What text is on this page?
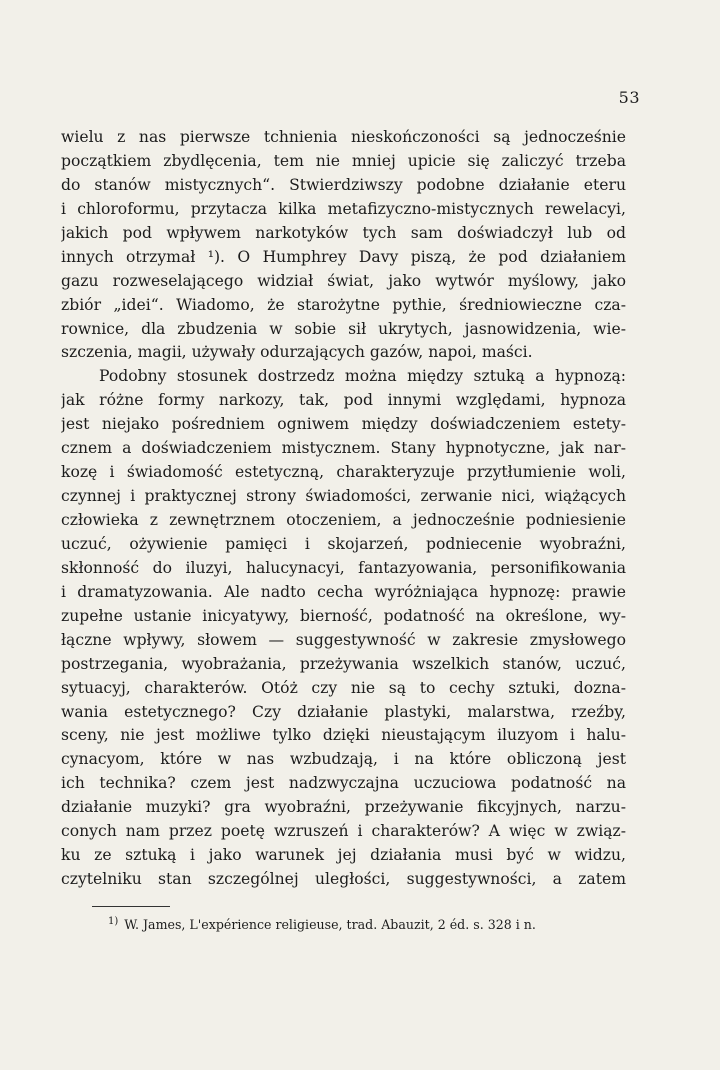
53
wielu z nas pierwsze tchnienia nieskończoności są jednocześnie
początkiem zbydlęcenia, tem nie mniej upicie się zaliczyć trzeba
do stanów mistycznych“. Stwierdziwszy podobne działanie eteru
i chloroformu, przytacza kilka metafizyczno-mistycznych rewelacyi,
jakich pod wpływem narkotyków tych sam doświadczył lub od
innych otrzymał ¹). O Humphrey Davy piszą, że pod działaniem
gazu rozweselającego widział świat, jako wytwór myślowy, jako
zbiór „idei“. Wiadomo, że starożytne pythie, średniowieczne cza-
rownice, dla zbudzenia w sobie sił ukrytych, jasnowidzenia, wie-
szczenia, magii, używały odurzających gazów, napoi, maści.
Podobny stosunek dostrzedz można między sztuką a hypnozą:
jak różne formy narkozy, tak, pod innymi względami, hypnoza
jest niejako pośredniem ogniwem między doświadczeniem estety-
cznem a doświadczeniem mistycznem. Stany hypnotyczne, jak nar-
kozę i świadomość estetyczną, charakteryzuje przytłumienie woli,
czynnej i praktycznej strony świadomości, zerwanie nici, wiążących
człowieka z zewnętrznem otoczeniem, a jednocześnie podniesienie
uczuć, ożywienie pamięci i skojarzeń, podniecenie wyobraźni,
skłonność do iluzyi, halucynacyi, fantazyowania, personifikowania
i dramatyzowania. Ale nadto cecha wyróżniająca hypnozę: prawie
zupełne ustanie inicyatywy, bierność, podatność na określone, wy-
łączne wpływy, słowem — suggestywność w zakresie zmysłowego
postrzegania, wyobrażania, przeżywania wszelkich stanów, uczuć,
sytuacyj, charakterów. Otóż czy nie są to cechy sztuki, dozna-
wania estetycznego? Czy działanie plastyki, malarstwa, rzeźby,
sceny, nie jest możliwe tylko dzięki nieustającym iluzyom i halu-
cynacyom, które w nas wzbudzają, i na które obliczoną jest
ich technika? czem jest nadzwyczajna uczuciowa podatność na
działanie muzyki? gra wyobraźni, przeżywanie fikcyjnych, narzu-
conych nam przez poetę wzruszeń i charakterów? A więc w związ-
ku ze sztuką i jako warunek jej działania musi być w widzu,
czytelniku stan szczególnej uległości, suggestywności, a zatem
$^{1)}$ W. James, L'expérience religieuse, trad. Abauzit, 2 éd. s. 328 i n.
